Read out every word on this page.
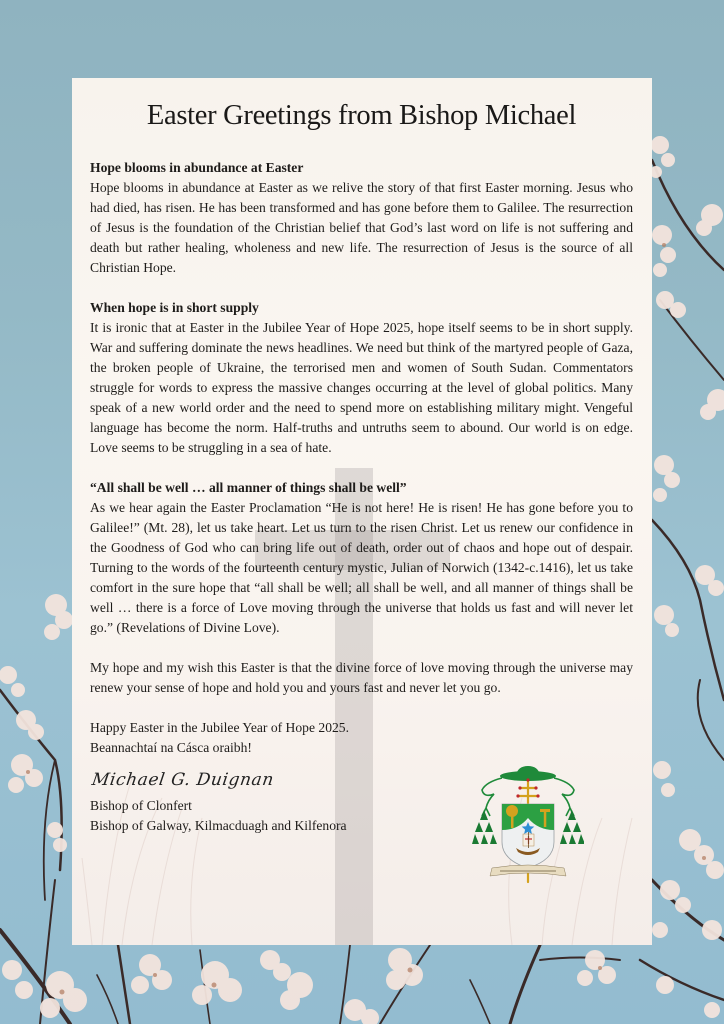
Easter Greetings from Bishop Michael

Hope blooms in abundance at Easter

Hope blooms in abundance at Easter as we relive the story of that first Easter morning. Jesus who had died, has risen. He has been transformed and has gone before them to Galilee. The resurrection of Jesus is the foundation of the Christian belief that God’s last word on life is not suffering and death but rather healing, wholeness and new life. The resurrection of Jesus is the source of all Christian Hope.

When hope is in short supply

It is ironic that at Easter in the Jubilee Year of Hope 2025, hope itself seems to be in short supply. War and suffering dominate the news headlines. We need but think of the martyred people of Gaza, the broken people of Ukraine, the terrorised men and women of South Sudan. Commentators struggle for words to express the massive changes occurring at the level of global politics. Many speak of a new world order and the need to spend more on establishing military might. Vengeful language has become the norm. Half-truths and untruths seem to abound. Our world is on edge. Love seems to be struggling in a sea of hate.

“All shall be well … all manner of things shall be well”

As we hear again the Easter Proclamation “He is not here! He is risen! He has gone before you to Galilee!” (Mt. 28), let us take heart. Let us turn to the risen Christ. Let us renew our confidence in the Goodness of God who can bring life out of death, order out of chaos and hope out of despair. Turning to the words of the fourteenth century mystic, Julian of Norwich (1342-c.1416), let us take comfort in the sure hope that “all shall be well; all shall be well, and all manner of things shall be well … there is a force of Love moving through the universe that holds us fast and will never let go.” (Revelations of Divine Love).

My hope and my wish this Easter is that the divine force of love moving through the universe may renew your sense of hope and hold you and yours fast and never let you go.

Happy Easter in the Jubilee Year of Hope 2025.

Beannachtaí na Cásca oraibh!

Michael G. Duignan

Bishop of Clonfert

Bishop of Galway, Kilmacduagh and Kilfenora
